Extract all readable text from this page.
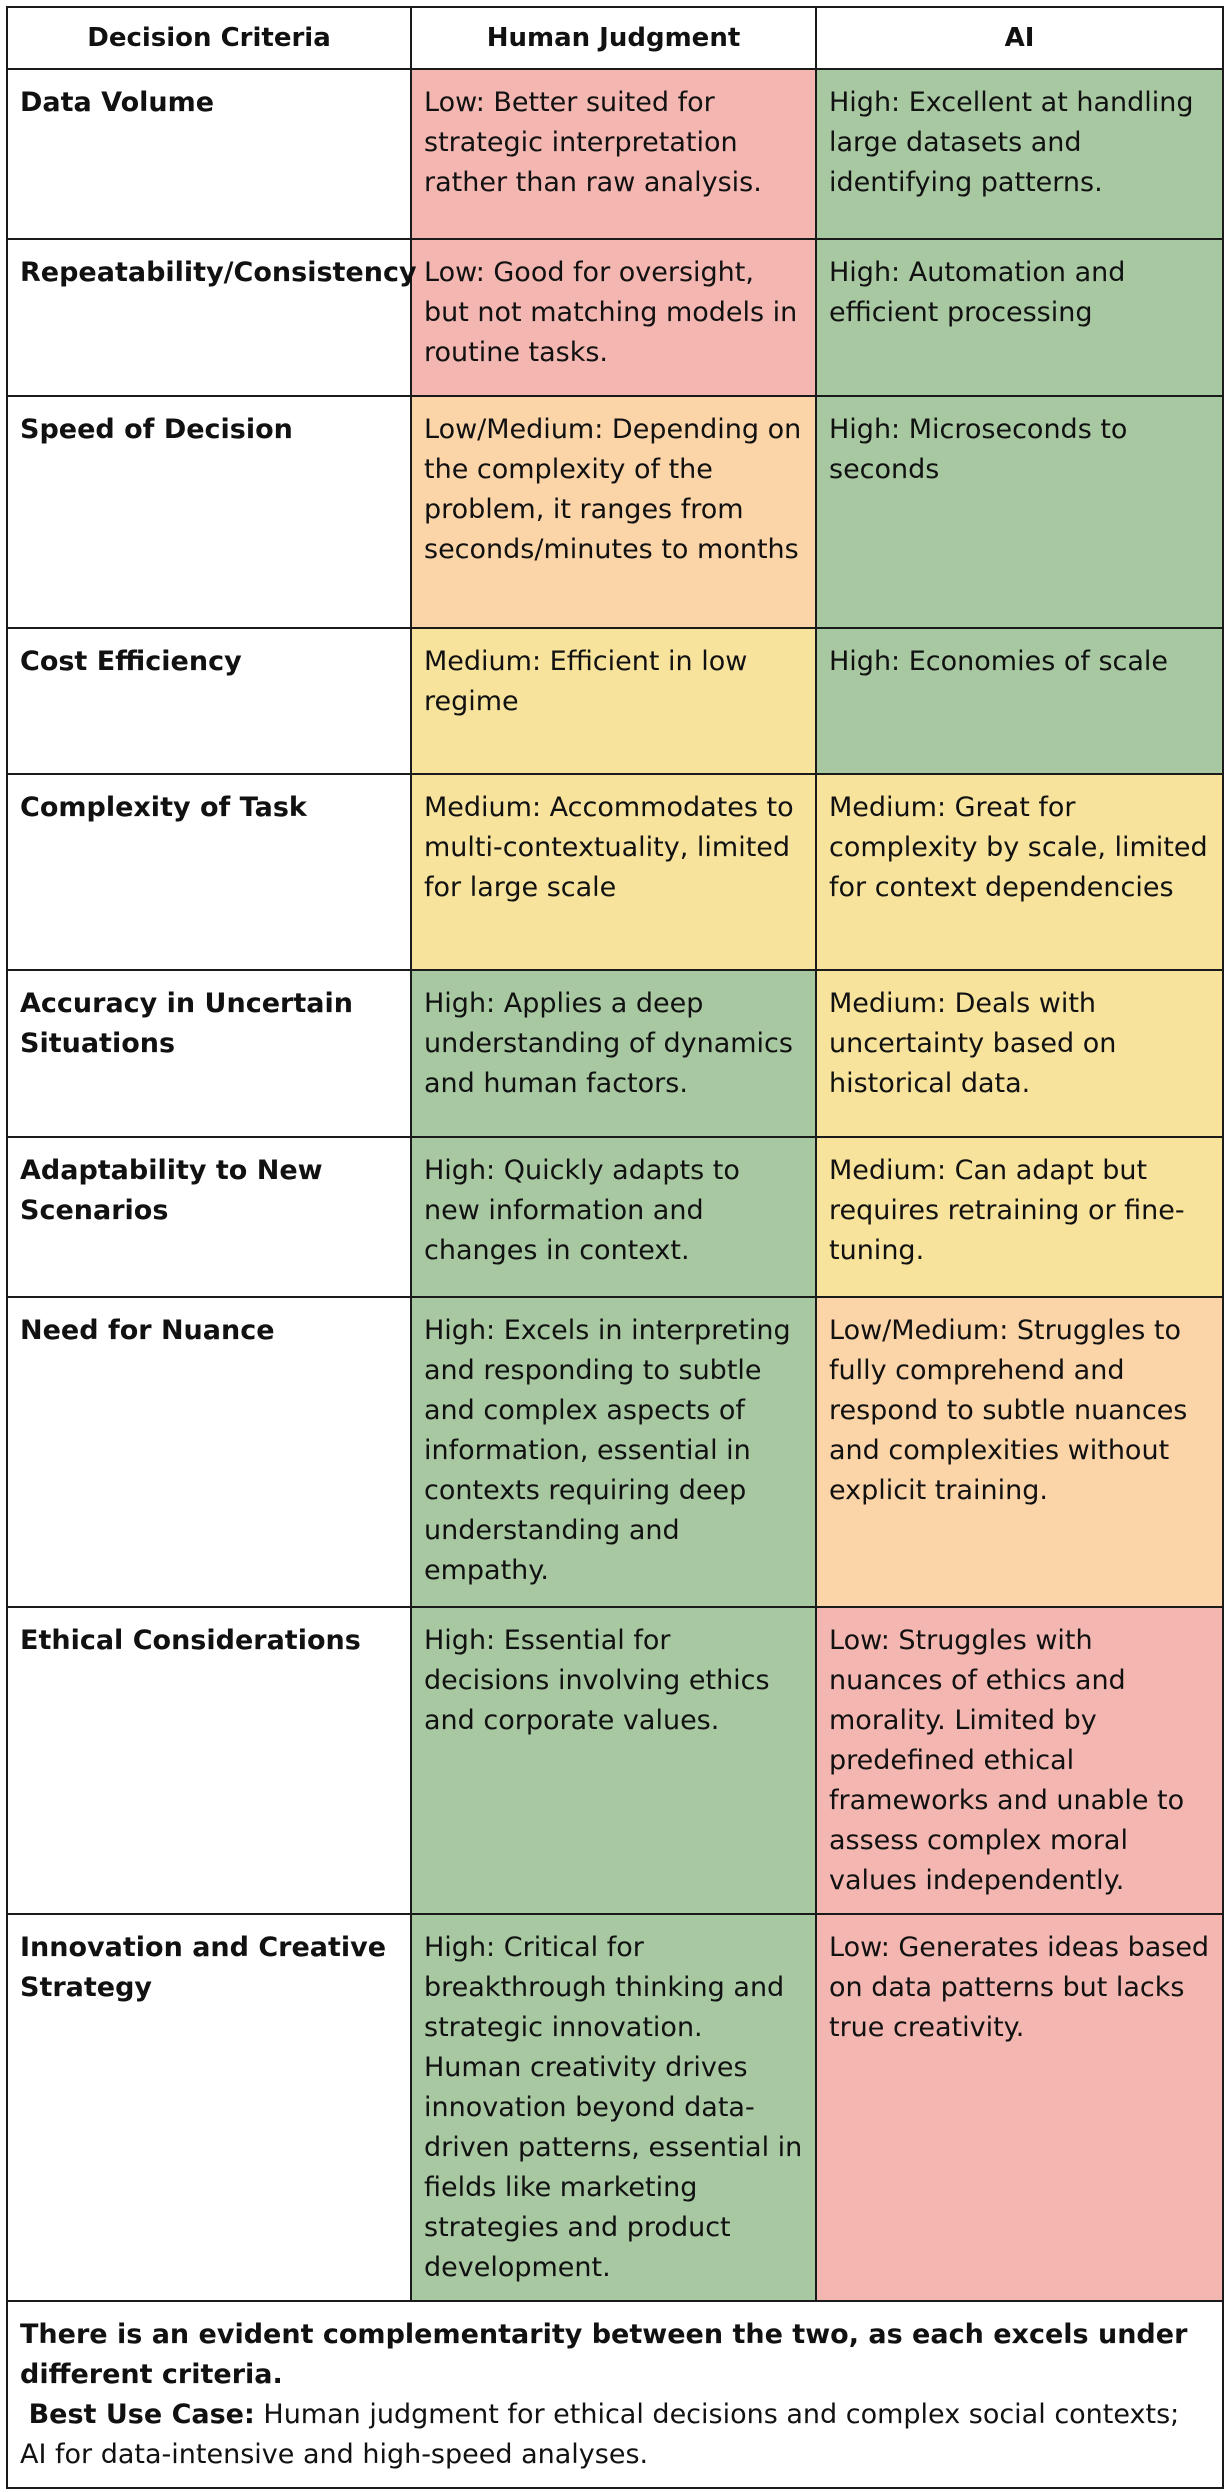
Decision Criteria	Human Judgment	AI
Data Volume	Low: Better suited for strategic interpretation rather than raw analysis.	High: Excellent at handling large datasets and identifying patterns.
Repeatability/Consistency	Low: Good for oversight, but not matching models in routine tasks.	High: Automation and efficient processing
Speed of Decision	Low/Medium: Depending on the complexity of the problem, it ranges from seconds/minutes to months	High: Microseconds to seconds
Cost Efficiency	Medium: Efficient in low regime	High: Economies of scale
Complexity of Task	Medium: Accommodates to multi-contextuality, limited for large scale	Medium: Great for complexity by scale, limited for context dependencies
Accuracy in Uncertain Situations	High: Applies a deep understanding of dynamics and human factors.	Medium: Deals with uncertainty based on historical data.
Adaptability to New Scenarios	High: Quickly adapts to new information and changes in context.	Medium: Can adapt but requires retraining or fine-tuning.
Need for Nuance	High: Excels in interpreting and responding to subtle and complex aspects of information, essential in contexts requiring deep understanding and empathy.	Low/Medium: Struggles to fully comprehend and respond to subtle nuances and complexities without explicit training.
Ethical Considerations	High: Essential for decisions involving ethics and corporate values.	Low: Struggles with nuances of ethics and morality. Limited by predefined ethical frameworks and unable to assess complex moral values independently.
Innovation and Creative Strategy	High: Critical for breakthrough thinking and strategic innovation. Human creativity drives innovation beyond data-driven patterns, essential in fields like marketing strategies and product development.	Low: Generates ideas based on data patterns but lacks true creativity.

There is an evident complementarity between the two, as each excels under different criteria.
Best Use Case: Human judgment for ethical decisions and complex social contexts; AI for data-intensive and high-speed analyses.		
